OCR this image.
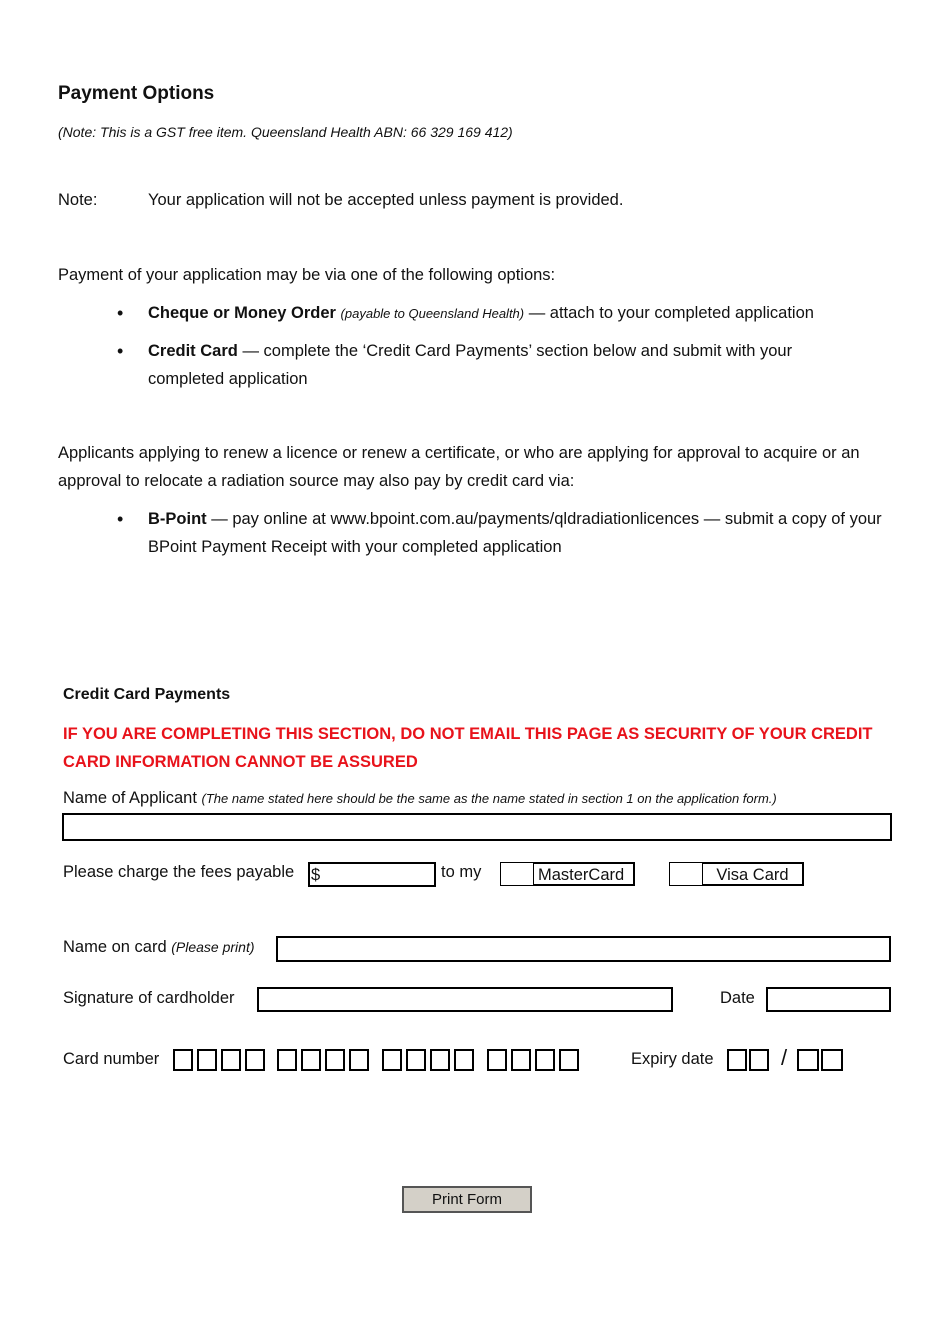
Payment Options
(Note: This is a GST free item. Queensland Health ABN: 66 329 169 412)
Note:	Your application will not be accepted unless payment is provided.
Payment of your application may be via one of the following options:
• Cheque or Money Order (payable to Queensland Health) — attach to your completed application
• Credit Card — complete the ‘Credit Card Payments’ section below and submit with your completed application
Applicants applying to renew a licence or renew a certificate, or who are applying for approval to acquire or an approval to relocate a radiation source may also pay by credit card via:
• B-Point — pay online at www.bpoint.com.au/payments/qldradiationlicences — submit a copy of your BPoint Payment Receipt with your completed application
Credit Card Payments
IF YOU ARE COMPLETING THIS SECTION, DO NOT EMAIL THIS PAGE AS SECURITY OF YOUR CREDIT CARD INFORMATION CANNOT BE ASSURED
Name of Applicant (The name stated here should be the same as the name stated in section 1 on the application form.)
Please charge the fees payable $	to my	MasterCard	Visa Card
Name on card (Please print)
Signature of cardholder	Date
Card number	Expiry date	/
Print Form
